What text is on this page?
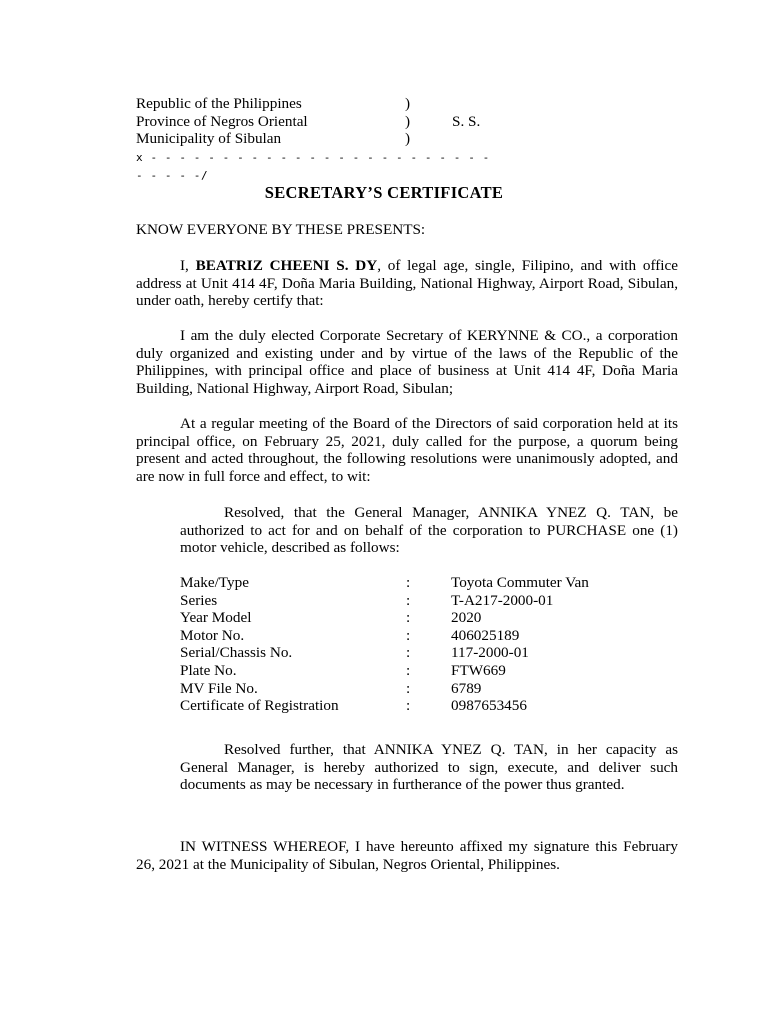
Republic of the Philippines	)
Province of Negros Oriental	)	S. S.
Municipality of Sibulan	)
x - - - - - - - - - - - - - - - - - - - - - - - - - - - - -/
SECRETARY’S CERTIFICATE

KNOW EVERYONE BY THESE PRESENTS:

I, BEATRIZ CHEENI S. DY, of legal age, single, Filipino, and with office address at Unit 414 4F, Doña Maria Building, National Highway, Airport Road, Sibulan, under oath, hereby certify that:

I am the duly elected Corporate Secretary of KERYNNE & CO., a corporation duly organized and existing under and by virtue of the laws of the Republic of the Philippines, with principal office and place of business at Unit 414 4F, Doña Maria Building, National Highway, Airport Road, Sibulan;

At a regular meeting of the Board of the Directors of said corporation held at its principal office, on February 25, 2021, duly called for the purpose, a quorum being present and acted throughout, the following resolutions were unanimously adopted, and are now in full force and effect, to wit:

Resolved, that the General Manager, ANNIKA YNEZ Q. TAN, be authorized to act for and on behalf of the corporation to PURCHASE one (1) motor vehicle, described as follows:

Make/Type	:	Toyota Commuter Van
Series	:	T-A217-2000-01
Year Model	:	2020
Motor No.	:	406025189
Serial/Chassis No.	:	117-2000-01
Plate No.	:	FTW669
MV File No.	:	6789
Certificate of Registration	:	0987653456

Resolved further, that ANNIKA YNEZ Q. TAN, in her capacity as General Manager, is hereby authorized to sign, execute, and deliver such documents as may be necessary in furtherance of the power thus granted.

IN WITNESS WHEREOF, I have hereunto affixed my signature this February 26, 2021 at the Municipality of Sibulan, Negros Oriental, Philippines.
